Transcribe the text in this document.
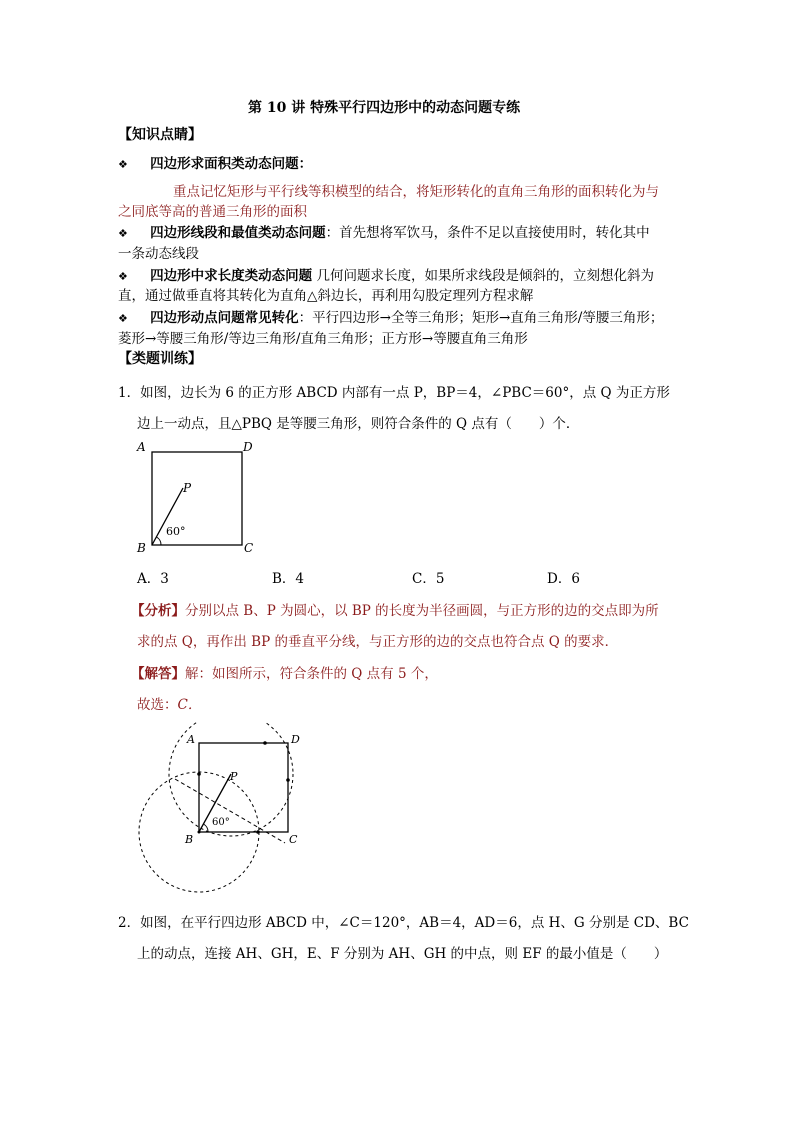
第 10 讲 特殊平行四边形中的动态问题专练
【知识点睛】
❖ 四边形求面积类动态问题：
重点记忆矩形与平行线等积模型的结合，将矩形转化的直角三角形的面积转化为与
之同底等高的普通三角形的面积
❖ 四边形线段和最值类动态问题：首先想将军饮马，条件不足以直接使用时，转化其中
一条动态线段
❖ 四边形中求长度类动态问题 几何问题求长度，如果所求线段是倾斜的，立刻想化斜为
直，通过做垂直将其转化为直角△斜边长，再利用勾股定理列方程求解
❖ 四边形动点问题常见转化：平行四边形→全等三角形；矩形→直角三角形/等腰三角形；
菱形→等腰三角形/等边三角形/直角三角形；正方形→等腰直角三角形
【类题训练】
1．如图，边长为 6 的正方形 ABCD 内部有一点 P，BP＝4，∠PBC＝60°，点 Q 为正方形
边上一动点，且△PBQ 是等腰三角形，则符合条件的 Q 点有（　　）个．
A	D
B	C
P
60°
A．3	B．4	C．5	D．6
【分析】分别以点 B、P 为圆心，以 BP 的长度为半径画圆，与正方形的边的交点即为所
求的点 Q，再作出 BP 的垂直平分线，与正方形的边的交点也符合点 Q 的要求．
【解答】解：如图所示，符合条件的 Q 点有 5 个，
故选：C．
A	D
B	C
P
60°
2．如图，在平行四边形 ABCD 中，∠C＝120°，AB＝4，AD＝6，点 H、G 分别是 CD、BC
上的动点，连接 AH、GH，E、F 分别为 AH、GH 的中点，则 EF 的最小值是（　　）
